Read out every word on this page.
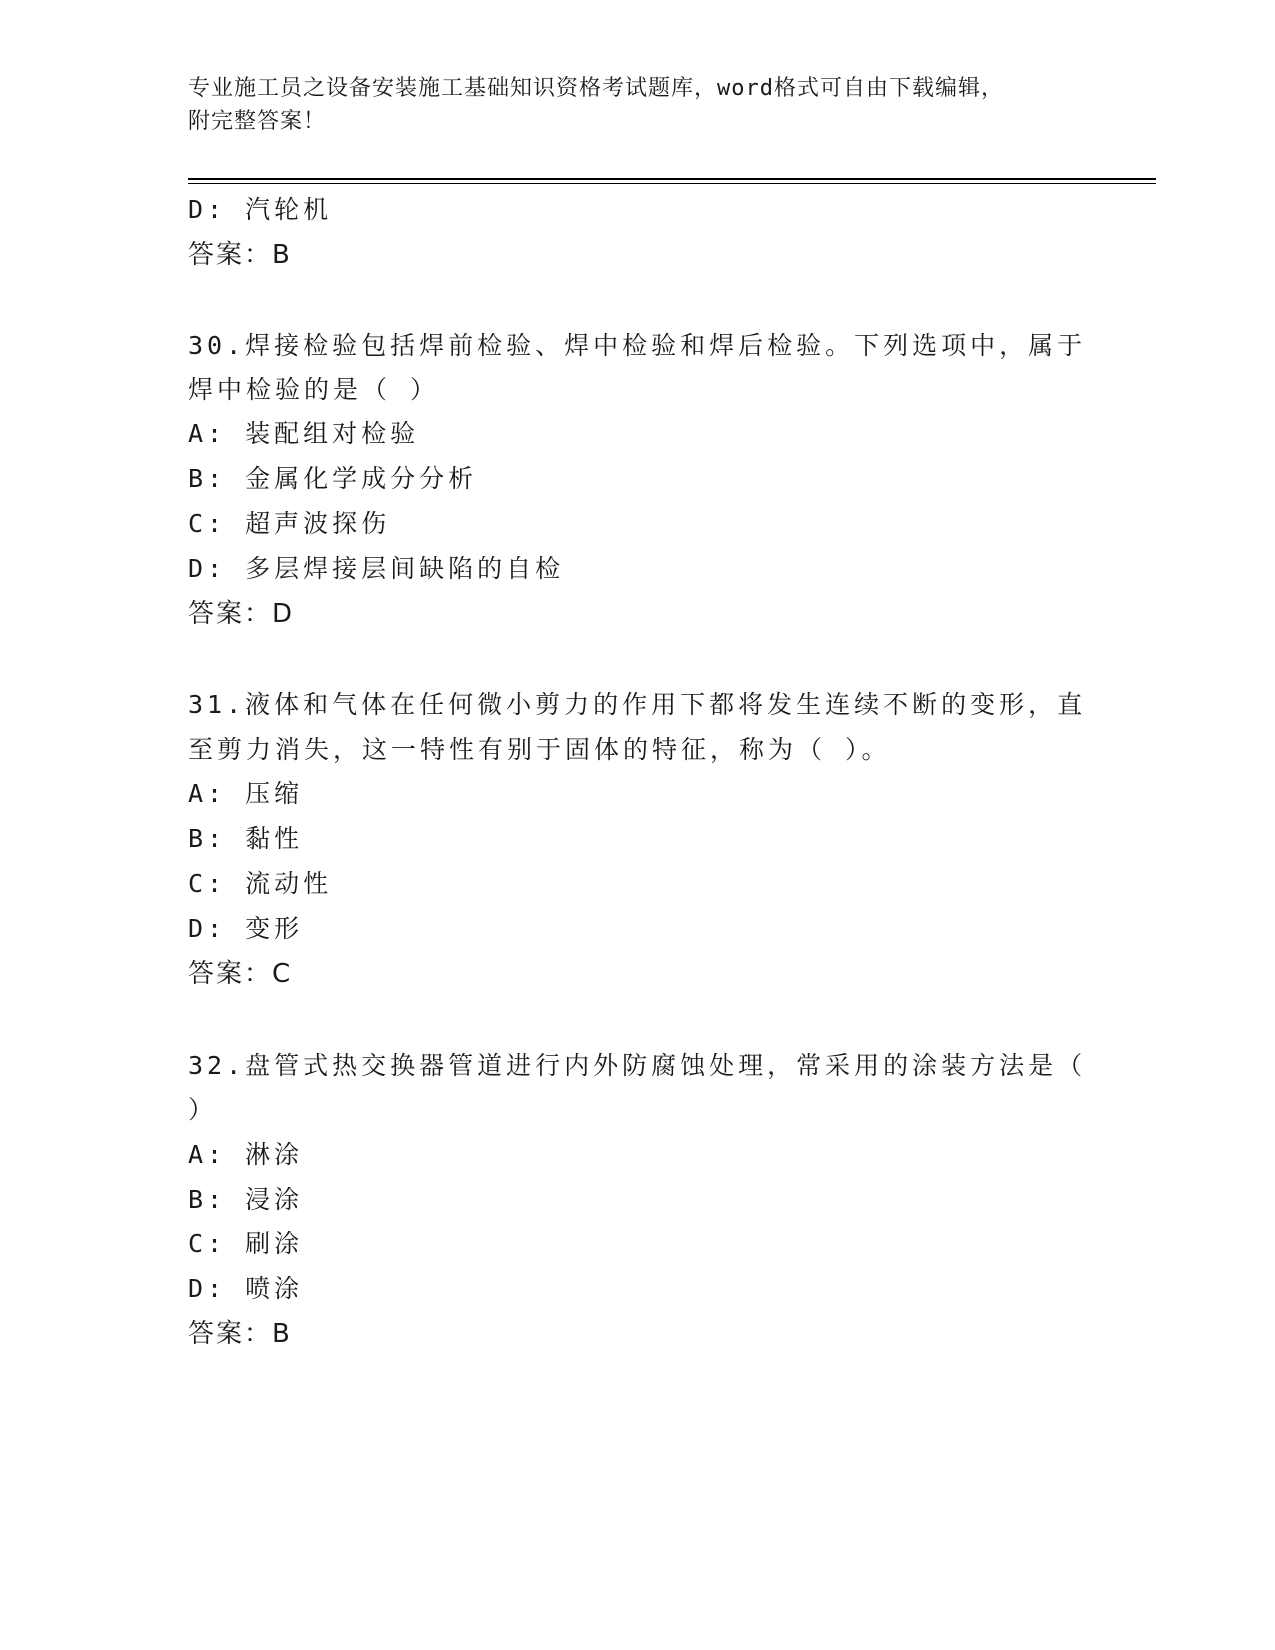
专业施工员之设备安装施工基础知识资格考试题库，word格式可自由下载编辑，
附完整答案！
D: 汽轮机
答案：B
30.焊接检验包括焊前检验、焊中检验和焊后检验。下列选项中，属于
焊中检验的是（ ）
A: 装配组对检验
B: 金属化学成分分析
C: 超声波探伤
D: 多层焊接层间缺陷的自检
答案：D
31.液体和气体在任何微小剪力的作用下都将发生连续不断的变形，直
至剪力消失，这一特性有别于固体的特征，称为（ ）。
A: 压缩
B: 黏性
C: 流动性
D: 变形
答案：C
32.盘管式热交换器管道进行内外防腐蚀处理，常采用的涂装方法是（
）
A: 淋涂
B: 浸涂
C: 刷涂
D: 喷涂
答案：B
